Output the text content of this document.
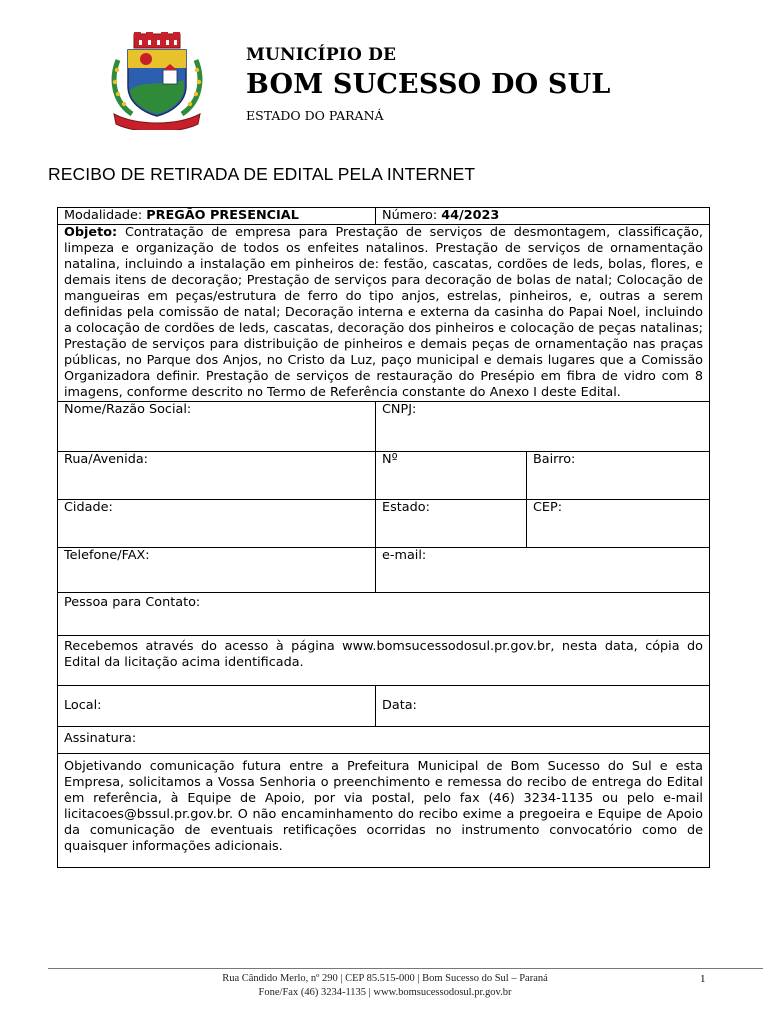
MUNICÍPIO DE
BOM SUCESSO DO SUL
ESTADO DO PARANÁ
RECIBO DE RETIRADA DE EDITAL PELA INTERNET
Modalidade: PREGÃO PRESENCIAL	Número: 44/2023	
Objeto: Contratação de empresa para Prestação de serviços de desmontagem, classificação, limpeza e organização de todos os enfeites natalinos. Prestação de serviços de ornamentação natalina, incluindo a instalação em pinheiros de: festão, cascatas, cordões de leds, bolas, flores, e demais itens de decoração; Prestação de serviços para decoração de bolas de natal; Colocação de mangueiras em peças/estrutura de ferro do tipo anjos, estrelas, pinheiros, e, outras a serem definidas pela comissão de natal; Decoração interna e externa da casinha do Papai Noel, incluindo a colocação de cordões de leds, cascatas, decoração dos pinheiros e colocação de peças natalinas; Prestação de serviços para distribuição de pinheiros e demais peças de ornamentação nas praças públicas, no Parque dos Anjos, no Cristo da Luz, paço municipal e demais lugares que a Comissão Organizadora definir. Prestação de serviços de restauração do Presépio em fibra de vidro com 8 imagens, conforme descrito no Termo de Referência constante do Anexo I deste Edital.		
Nome/Razão Social:	CNPJ:	
Rua/Avenida:	Nº	Bairro:
Cidade:	Estado:	CEP:
Telefone/FAX:	e-mail:	
Pessoa para Contato:		
Recebemos através do acesso à página www.bomsucessodosul.pr.gov.br, nesta data, cópia do Edital da licitação acima identificada.		
Local:	Data:	
Assinatura:		
Objetivando comunicação futura entre a Prefeitura Municipal de Bom Sucesso do Sul e esta Empresa, solicitamos a Vossa Senhoria o preenchimento e remessa do recibo de entrega do Edital em referência, à Equipe de Apoio, por via postal, pelo fax (46) 3234-1135 ou pelo e-mail licitacoes@bssul.pr.gov.br. O não encaminhamento do recibo exime a pregoeira e Equipe de Apoio da comunicação de eventuais retificações ocorridas no instrumento convocatório como de quaisquer informações adicionais.		
Rua Cândido Merlo, nº 290 | CEP 85.515-000 | Bom Sucesso do Sul – Paraná
Fone/Fax (46) 3234-1135 | www.bomsucessodosul.pr.gov.br
1
